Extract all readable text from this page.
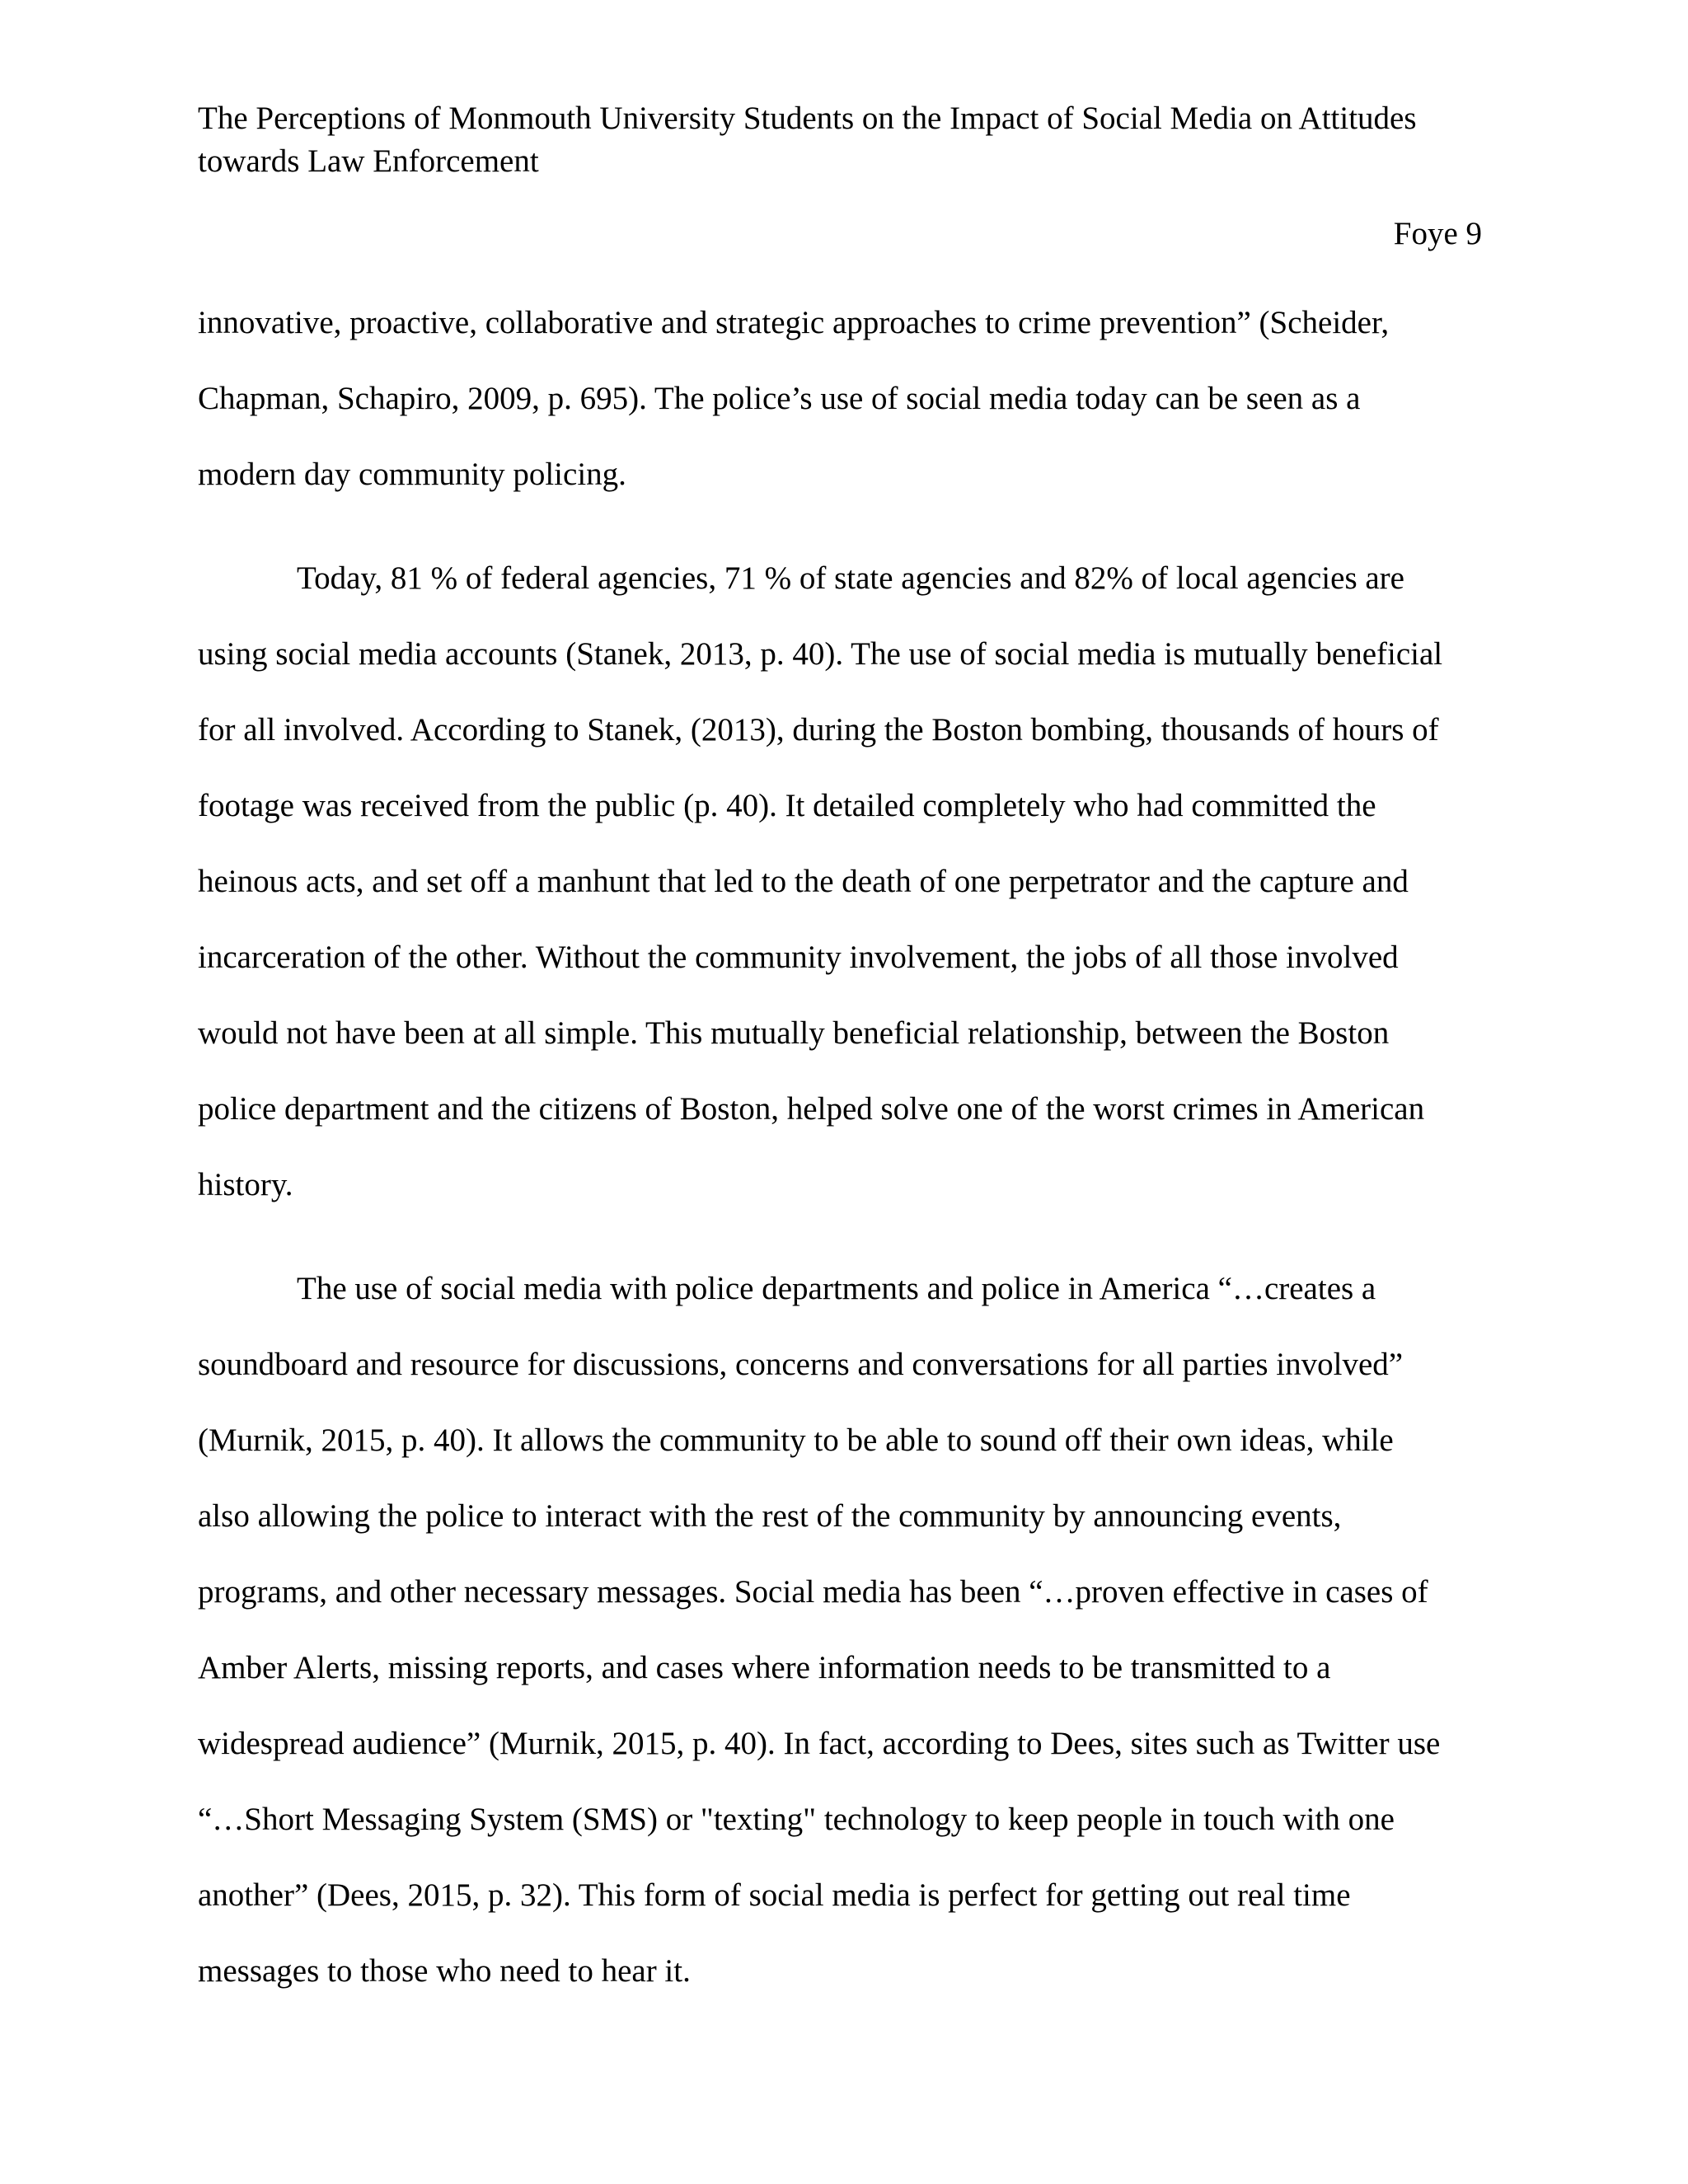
The Perceptions of Monmouth University Students on the Impact of Social Media on Attitudes towards Law Enforcement
Foye 9
innovative, proactive, collaborative and strategic approaches to crime prevention” (Scheider,
Chapman, Schapiro, 2009, p. 695). The police’s use of social media today can be seen as a
modern day community policing.
Today, 81 % of federal agencies, 71 % of state agencies and 82% of local agencies are
using social media accounts (Stanek, 2013, p. 40). The use of social media is mutually beneficial
for all involved. According to Stanek, (2013), during the Boston bombing, thousands of hours of
footage was received from the public (p. 40). It detailed completely who had committed the
heinous acts, and set off a manhunt that led to the death of one perpetrator and the capture and
incarceration of the other. Without the community involvement, the jobs of all those involved
would not have been at all simple. This mutually beneficial relationship, between the Boston
police department and the citizens of Boston, helped solve one of the worst crimes in American
history.
The use of social media with police departments and police in America “…creates a
soundboard and resource for discussions, concerns and conversations for all parties involved”
(Murnik, 2015, p. 40). It allows the community to be able to sound off their own ideas, while
also allowing the police to interact with the rest of the community by announcing events,
programs, and other necessary messages. Social media has been “…proven effective in cases of
Amber Alerts, missing reports, and cases where information needs to be transmitted to a
widespread audience” (Murnik, 2015, p. 40). In fact, according to Dees, sites such as Twitter use
“…Short Messaging System (SMS) or "texting" technology to keep people in touch with one
another” (Dees, 2015, p. 32). This form of social media is perfect for getting out real time
messages to those who need to hear it.
